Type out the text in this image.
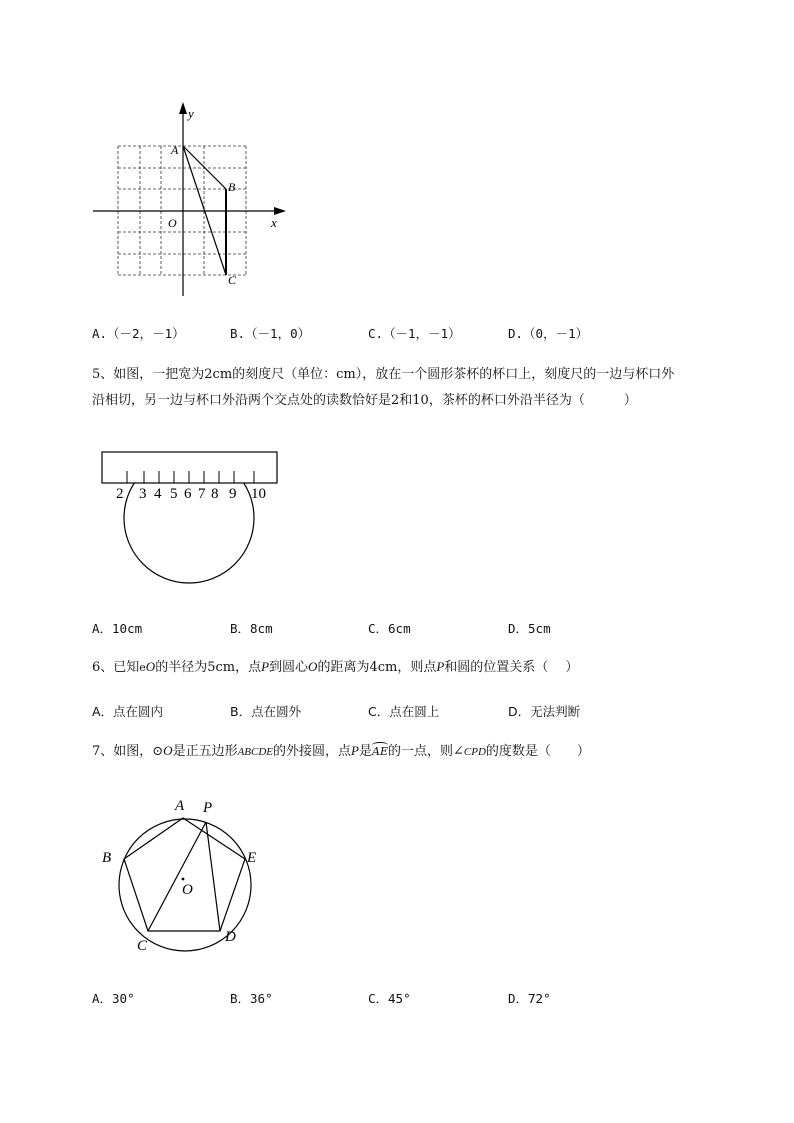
y
x
A
B
C
O
A.（－2，－1）	B.（－1，0）	C.（－1，－1）	D.（0，－1）
5、如图，一把宽为2cm的刻度尺（单位：cm），放在一个圆形茶杯的杯口上，刻度尺的一边与杯口外
沿相切，另一边与杯口外沿两个交点处的读数恰好是2和10，茶杯的杯口外沿半径为（　　　）
2 3 4 5 6 7 8 9 10
A．10cm	B．8cm	C．6cm	D．5cm
6、已知eO的半径为5cm，点P到圆心O的距离为4cm，则点P和圆的位置关系（　 ）
A．点在圆内	B．点在圆外	C．点在圆上	D．无法判断
7、如图，⊙O是正五边形ABCDE的外接圆，点P是
AE的一点，则∠CPD的度数是（　　）
A P
B	E
O
C
D
A．30°	B．36°	C．45°	D．72°
